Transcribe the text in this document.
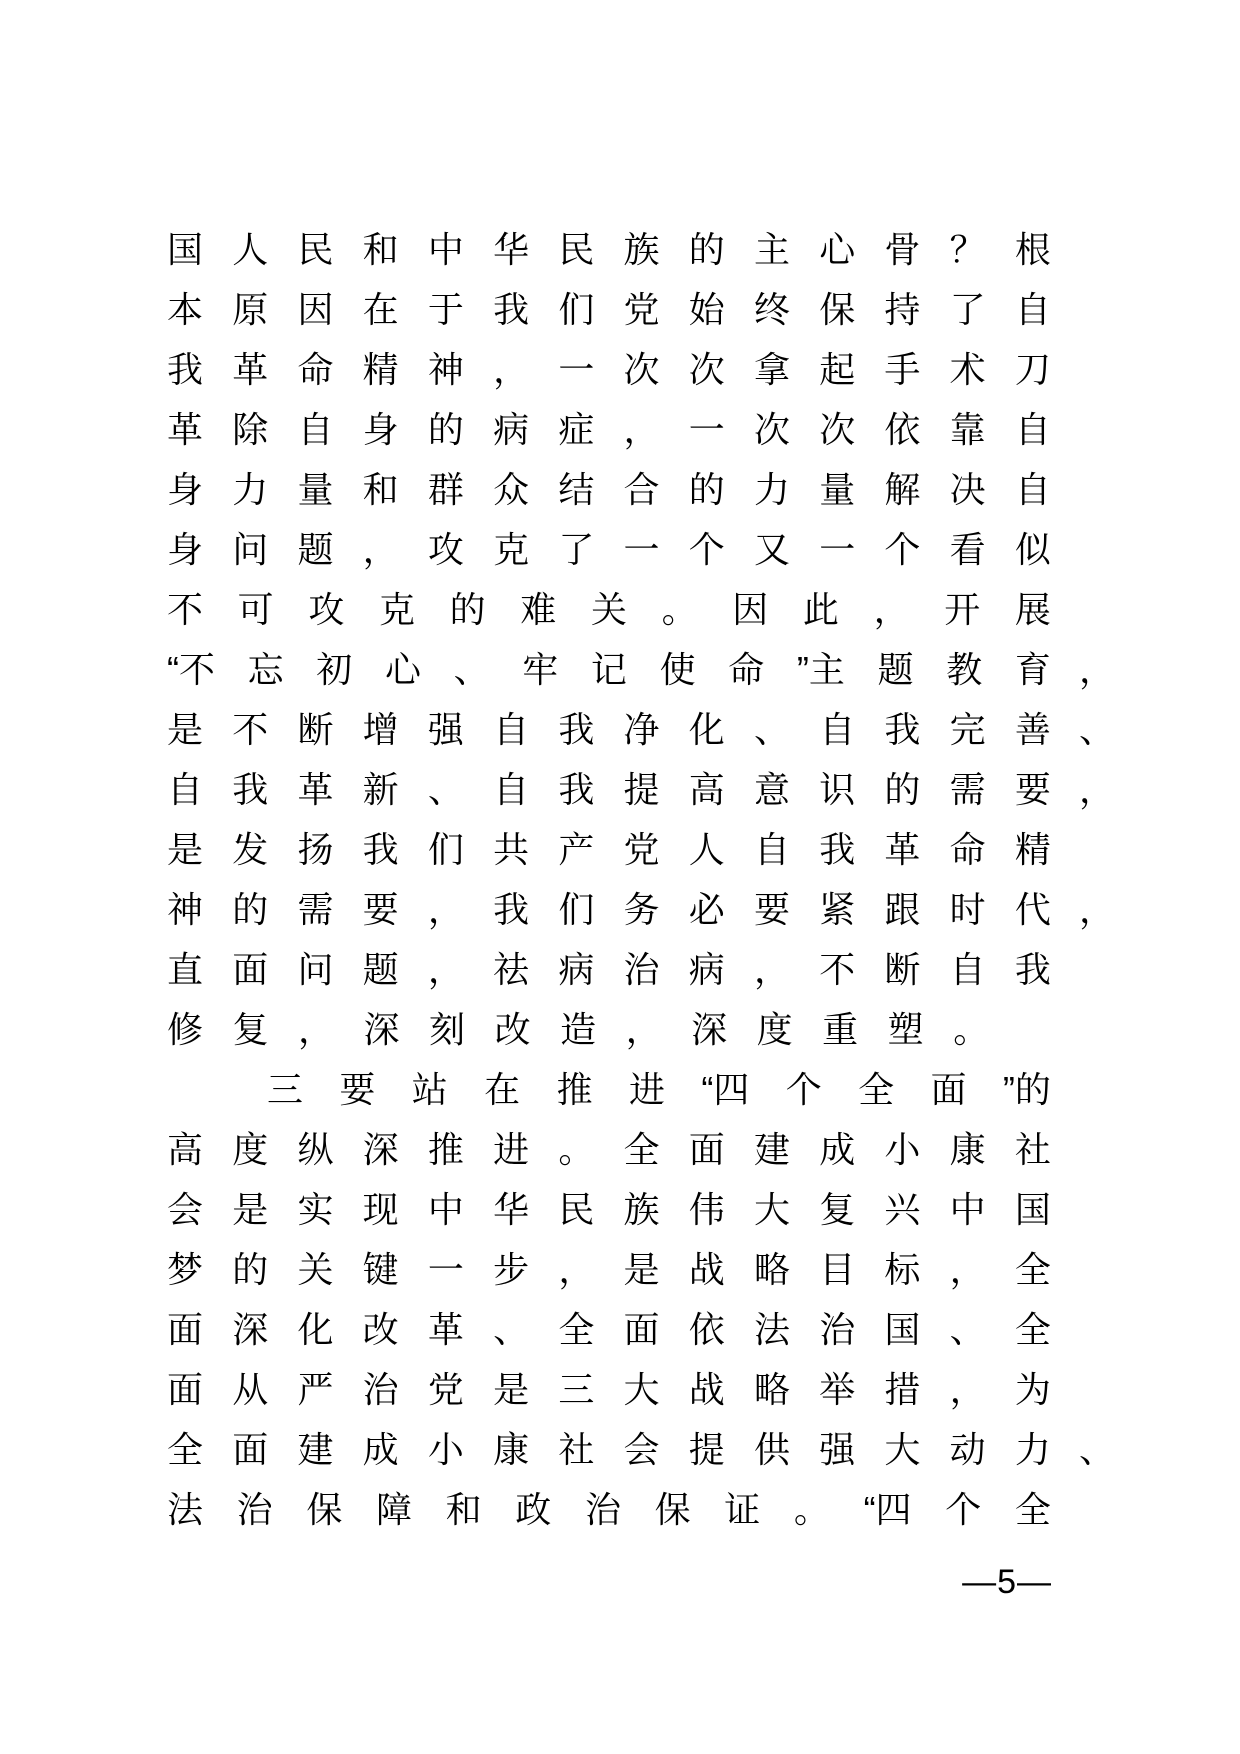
国 人 民 和 中 华 民 族 的 主 心 骨 ？ 根
本 原 因 在 于 我 们 党 始 终 保 持 了 自
我 革 命 精 神 ， 一 次 次 拿 起 手 术 刀
革 除 自 身 的 病 症 ， 一 次 次 依 靠 自
身 力 量 和 群 众 结 合 的 力 量 解 决 自
身 问 题 ， 攻 克 了 一 个 又 一 个 看 似
不 可 攻 克 的 难 关 。 因 此 ， 开 展
“不 忘 初 心 、 牢 记 使 命 ”主 题 教 育 ，
是 不 断 增 强 自 我 净 化 、 自 我 完 善 、
自 我 革 新 、 自 我 提 高 意 识 的 需 要 ，
是 发 扬 我 们 共 产 党 人 自 我 革 命 精
神 的 需 要 ， 我 们 务 必 要 紧 跟 时 代 ，
直 面 问 题 ， 祛 病 治 病 ， 不 断 自 我
修 复 ， 深 刻 改 造 ， 深 度 重 塑 。
三 要 站 在 推 进 “四 个 全 面 ”的
高 度 纵 深 推 进 。 全 面 建 成 小 康 社
会 是 实 现 中 华 民 族 伟 大 复 兴 中 国
梦 的 关 键 一 步 ， 是 战 略 目 标 ， 全
面 深 化 改 革 、 全 面 依 法 治 国 、 全
面 从 严 治 党 是 三 大 战 略 举 措 ， 为
全 面 建 成 小 康 社 会 提 供 强 大 动 力 、
法 治 保 障 和 政 治 保 证 。 “四 个 全
—5—
